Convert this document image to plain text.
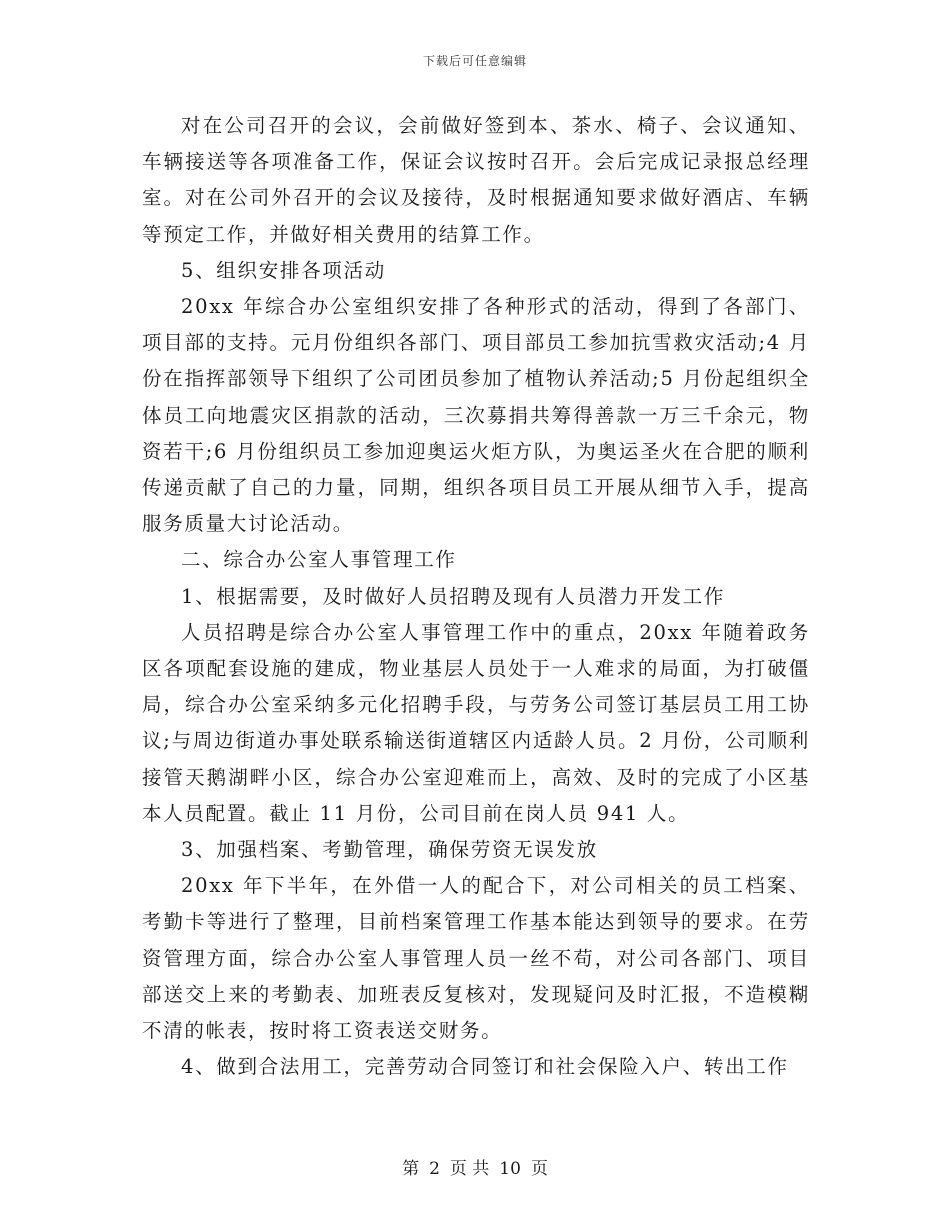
下载后可任意编辑

对在公司召开的会议，会前做好签到本、茶水、椅子、会议通知、车辆接送等各项准备工作，保证会议按时召开。会后完成记录报总经理室。对在公司外召开的会议及接待，及时根据通知要求做好酒店、车辆等预定工作，并做好相关费用的结算工作。

5、组织安排各项活动

20xx 年综合办公室组织安排了各种形式的活动，得到了各部门、项目部的支持。元月份组织各部门、项目部员工参加抗雪救灾活动;4 月份在指挥部领导下组织了公司团员参加了植物认养活动;5 月份起组织全体员工向地震灾区捐款的活动，三次募捐共筹得善款一万三千余元，物资若干;6 月份组织员工参加迎奥运火炬方队，为奥运圣火在合肥的顺利传递贡献了自己的力量，同期，组织各项目员工开展从细节入手，提高服务质量大讨论活动。

二、综合办公室人事管理工作

1、根据需要，及时做好人员招聘及现有人员潜力开发工作

人员招聘是综合办公室人事管理工作中的重点，20xx 年随着政务区各项配套设施的建成，物业基层人员处于一人难求的局面，为打破僵局，综合办公室采纳多元化招聘手段，与劳务公司签订基层员工用工协议;与周边街道办事处联系输送街道辖区内适龄人员。2 月份，公司顺利接管天鹅湖畔小区，综合办公室迎难而上，高效、及时的完成了小区基本人员配置。截止 11 月份，公司目前在岗人员 941 人。

3、加强档案、考勤管理，确保劳资无误发放

20xx 年下半年，在外借一人的配合下，对公司相关的员工档案、考勤卡等进行了整理，目前档案管理工作基本能达到领导的要求。在劳资管理方面，综合办公室人事管理人员一丝不苟，对公司各部门、项目部送交上来的考勤表、加班表反复核对，发现疑问及时汇报，不造模糊不清的帐表，按时将工资表送交财务。

4、做到合法用工，完善劳动合同签订和社会保险入户、转出工作

第 2 页 共 10 页
